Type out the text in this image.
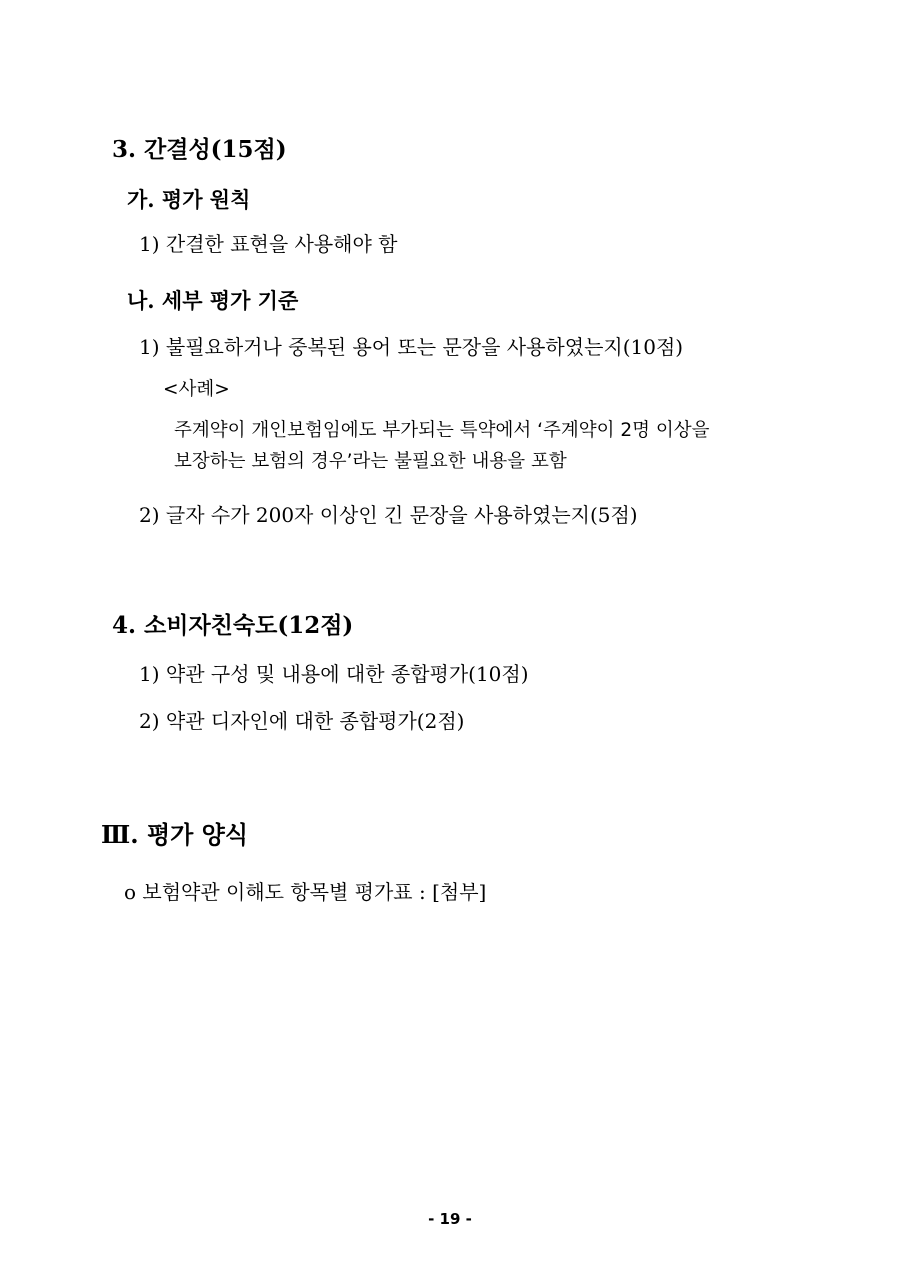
3. 간결성(15점)
가. 평가 원칙
1) 간결한 표현을 사용해야 함
나. 세부 평가 기준
1) 불필요하거나 중복된 용어 또는 문장을 사용하였는지(10점)
<사례>
주계약이 개인보험임에도 부가되는 특약에서 ‘주계약이 2명 이상을
보장하는 보험의 경우’라는 불필요한 내용을 포함
2) 글자 수가 200자 이상인 긴 문장을 사용하였는지(5점)
4. 소비자친숙도(12점)
1) 약관 구성 및 내용에 대한 종합평가(10점)
2) 약관 디자인에 대한 종합평가(2점)
Ⅲ. 평가 양식
o 보험약관 이해도 항목별 평가표 : [첨부]
- 19 -
